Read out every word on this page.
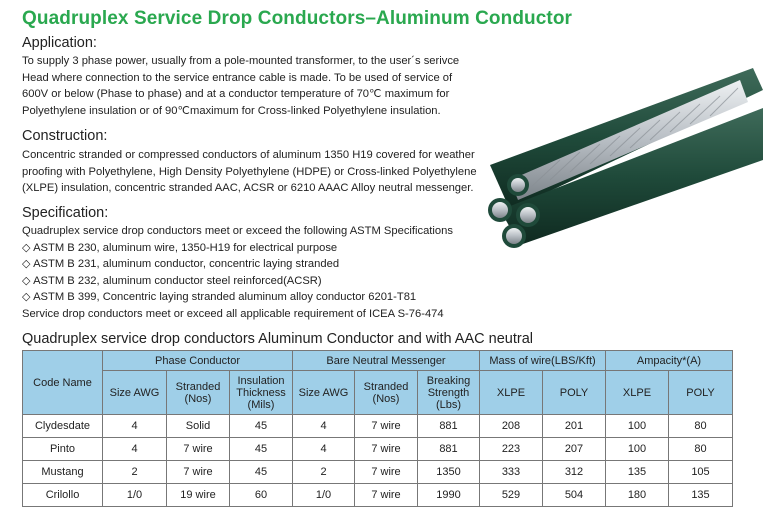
Quadruplex Service Drop Conductors–Aluminum Conductor
Application:
To supply 3 phase power, usually from a pole-mounted transformer, to the user´s serivce
Head where connection to the service entrance cable is made. To be used of service of
600V or below (Phase to phase) and at a conductor temperature of 70℃ maximum for
Polyethylene insulation or of 90℃maximum for Cross-linked Polyethylene insulation.
Construction:
Concentric stranded or compressed conductors of aluminum 1350 H19 covered for weather
proofing with Polyethylene, High Density Polyethylene (HDPE) or Cross-linked Polyethylene
(XLPE) insulation, concentric stranded AAC, ACSR or 6210 AAAC Alloy neutral messenger.
Specification:
Quadruplex service drop conductors meet or exceed the following ASTM Specifications
◇ ASTM B 230, aluminum wire, 1350-H19 for electrical purpose
◇ ASTM B 231, aluminum conductor, concentric laying stranded
◇ ASTM B 232, aluminum conductor steel reinforced(ACSR)
◇ ASTM B 399, Concentric laying stranded aluminum alloy conductor 6201-T81
Service drop conductors meet or exceed all applicable requirement of ICEA S-76-474
Quadruplex service drop conductors Aluminum Conductor and with AAC neutral
Code Name	Phase Conductor			Bare Neutral Messenger			Mass of wire(LBS/Kft)		Ampacity*(A)	
	Size AWG	Stranded (Nos)	Insulation Thickness (Mils)	Size AWG	Stranded (Nos)	Breaking Strength (Lbs)	XLPE	POLY	XLPE	POLY
Clydesdate	4	Solid	45	4	7 wire	881	208	201	100	80
Pinto	4	7 wire	45	4	7 wire	881	223	207	100	80
Mustang	2	7 wire	45	2	7 wire	1350	333	312	135	105
Crilollo	1/0	19 wire	60	1/0	7 wire	1990	529	504	180	135
